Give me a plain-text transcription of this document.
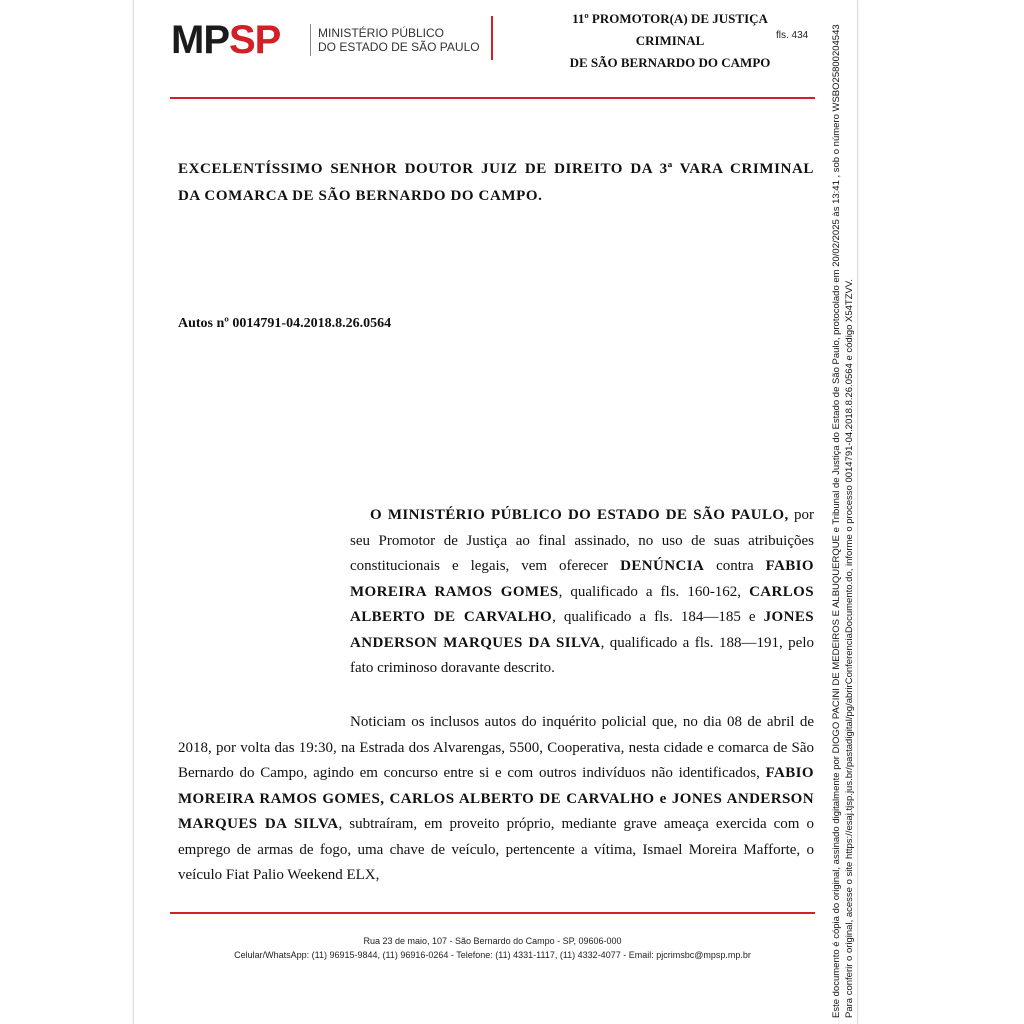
MP SP	MINISTÉRIO PÚBLICO
DO ESTADO DE SÃO PAULO
11º PROMOTOR(A) DE JUSTIÇA
CRIMINAL
DE SÃO BERNARDO DO CAMPO
fls. 434
EXCELENTÍSSIMO SENHOR DOUTOR JUIZ DE DIREITO DA 3ª VARA CRIMINAL DA COMARCA DE SÃO BERNARDO DO CAMPO.
Autos nº 0014791-04.2018.8.26.0564
O MINISTÉRIO PÚBLICO DO ESTADO DE SÃO PAULO, por seu Promotor de Justiça ao final assinado, no uso de suas atribuições constitucionais e legais, vem oferecer DENÚNCIA contra FABIO MOREIRA RAMOS GOMES, qualificado a fls. 160-162, CARLOS ALBERTO DE CARVALHO, qualificado a fls. 184—185 e JONES ANDERSON MARQUES DA SILVA, qualificado a fls. 188—191, pelo fato criminoso doravante descrito.
Noticiam os inclusos autos do inquérito policial que, no dia 08 de abril de 2018, por volta das 19:30, na Estrada dos Alvarengas, 5500, Cooperativa, nesta cidade e comarca de São Bernardo do Campo, agindo em concurso entre si e com outros indivíduos não identificados, FABIO MOREIRA RAMOS GOMES, CARLOS ALBERTO DE CARVALHO e JONES ANDERSON MARQUES DA SILVA, subtraíram, em proveito próprio, mediante grave ameaça exercida com o emprego de armas de fogo, uma chave de veículo, pertencente a vítima, Ismael Moreira Mafforte, o veículo Fiat Palio Weekend ELX,
Rua 23 de maio, 107 - São Bernardo do Campo - SP, 09606-000
Celular/WhatsApp: (11) 96915-9844, (11) 96916-0264 - Telefone: (11) 4331-1117, (11) 4332-4077 - Email: pjcrimsbc@mpsp.mp.br	Este documento é cópia do original, assinado digitalmente por DIOGO PACINI DE MEDEIROS E ALBUQUERQUE e Tribunal de Justiça do Estado de São Paulo, protocolado em 20/02/2025 às 13:41 , sob o número WSBO25800204543 Para conferir o original, acesse o site https://esaj.tjsp.jus.br/pastadigital/pg/abrirConferenciaDocumento.do, informe o processo 0014791-04.2018.8.26.0564 e código X54TZVV.
